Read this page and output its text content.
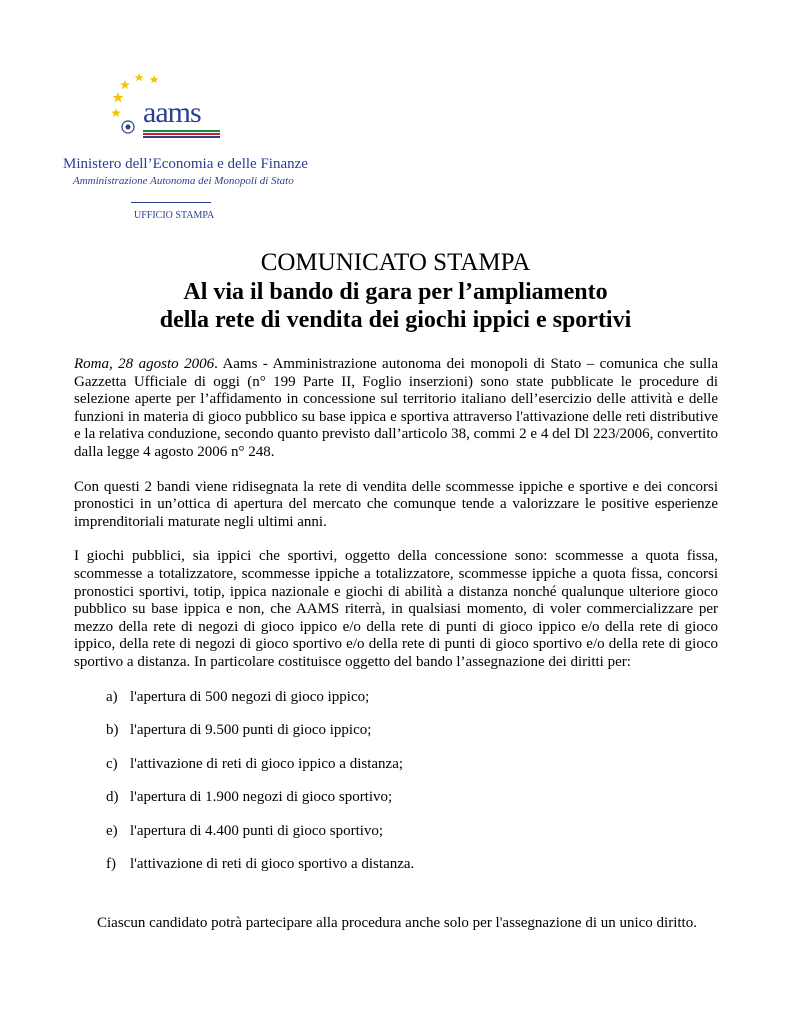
aams
Ministero dell’Economia e delle Finanze
Amministrazione Autonoma dei Monopoli di Stato
UFFICIO STAMPA

COMUNICATO STAMPA

Al via il bando di gara per l’ampliamento

della rete di vendita dei giochi ippici e sportivi

Roma, 28 agosto 2006. Aams - Amministrazione autonoma dei monopoli di Stato – comunica che sulla Gazzetta Ufficiale di oggi (n° 199 Parte II, Foglio inserzioni) sono state pubblicate le procedure di selezione aperte per l’affidamento in concessione sul territorio italiano dell’esercizio delle attività e delle funzioni in materia di gioco pubblico su base ippica e sportiva attraverso l'attivazione delle reti distributive e la relativa conduzione, secondo quanto previsto dall’articolo 38, commi 2 e 4 del Dl 223/2006, convertito dalla legge 4 agosto 2006 n° 248.

Con questi 2 bandi viene ridisegnata la rete di vendita delle scommesse ippiche e sportive e dei concorsi pronostici in un’ottica di apertura del mercato che comunque tende a valorizzare le positive esperienze imprenditoriali maturate negli ultimi anni.

I giochi pubblici, sia ippici che sportivi, oggetto della concessione sono: scommesse a quota fissa, scommesse a totalizzatore, scommesse ippiche a totalizzatore, scommesse ippiche a quota fissa, concorsi pronostici sportivi, totip, ippica nazionale e giochi di abilità a distanza nonché qualunque ulteriore gioco pubblico su base ippica e non, che AAMS riterrà, in qualsiasi momento, di voler commercializzare per mezzo della rete di negozi di gioco ippico e/o della rete di punti di gioco ippico e/o della rete di gioco ippico, della rete di negozi di gioco sportivo e/o della rete di punti di gioco sportivo e/o della rete di gioco sportivo a distanza. In particolare costituisce oggetto del bando l’assegnazione dei diritti per:

a) l'apertura di 500 negozi di gioco ippico;
b) l'apertura di 9.500 punti di gioco ippico;
c) l'attivazione di reti di gioco ippico a distanza;
d) l'apertura di 1.900 negozi di gioco sportivo;
e) l'apertura di 4.400 punti di gioco sportivo;
f) l'attivazione di reti di gioco sportivo a distanza.
Ciascun candidato potrà partecipare alla procedura anche solo per l'assegnazione di un unico diritto.
